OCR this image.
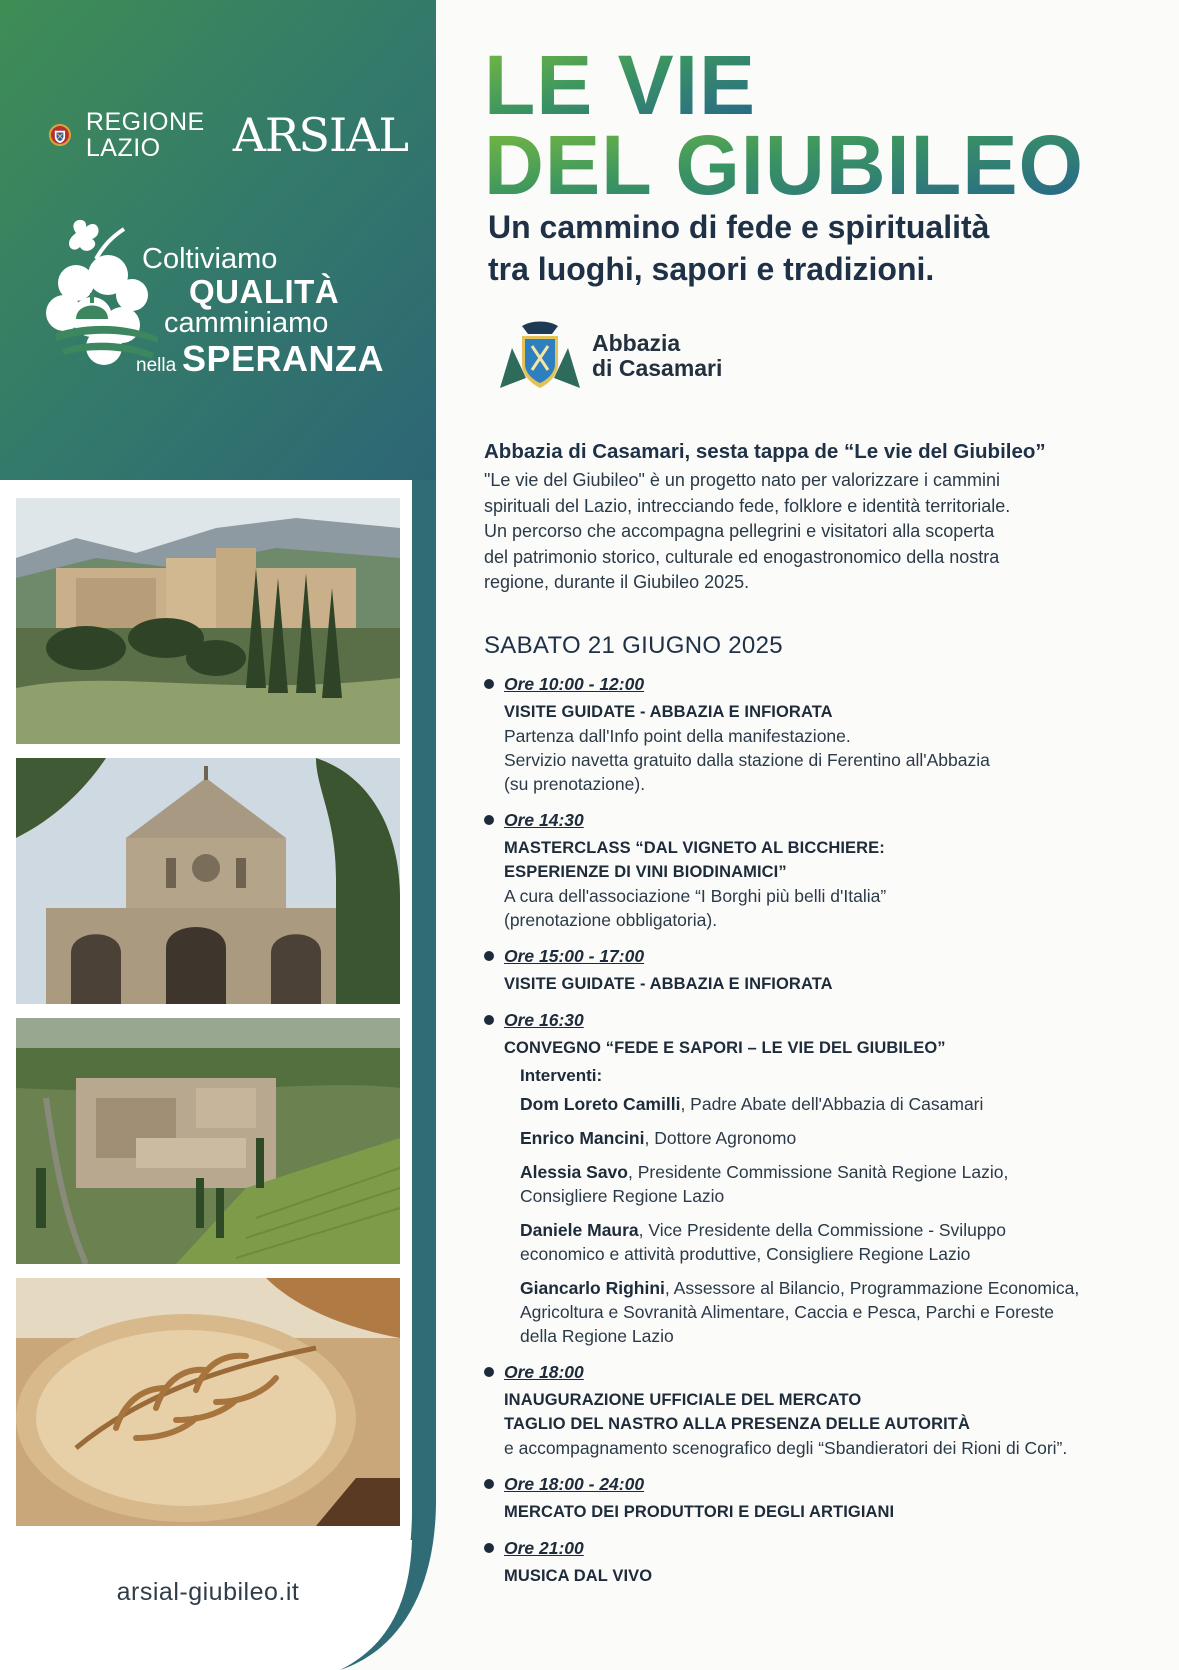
REGIONE
LAZIO	ARSIAL
Coltiviamo
QUALITÀ
camminiamo
nella SPERANZA
arsial-giubileo.it
LE VIE
DEL GIUBILEO
Un cammino di fede e spiritualità
tra luoghi, sapori e tradizioni.
Abbazia
di Casamari
Abbazia di Casamari, sesta tappa de “Le vie del Giubileo”
"Le vie del Giubileo" è un progetto nato per valorizzare i cammini
spirituali del Lazio, intrecciando fede, folklore e identità territoriale.
Un percorso che accompagna pellegrini e visitatori alla scoperta
del patrimonio storico, culturale ed enogastronomico della nostra
regione, durante il Giubileo 2025.
SABATO 21 GIUGNO 2025
Ore 10:00 - 12:00
VISITE GUIDATE - ABBAZIA E INFIORATA
Partenza dall'Info point della manifestazione.
Servizio navetta gratuito dalla stazione di Ferentino all'Abbazia
(su prenotazione).
Ore 14:30
MASTERCLASS “DAL VIGNETO AL BICCHIERE:
ESPERIENZE DI VINI BIODINAMICI”
A cura dell'associazione “I Borghi più belli d'Italia”
(prenotazione obbligatoria).
Ore 15:00 - 17:00
VISITE GUIDATE - ABBAZIA E INFIORATA
Ore 16:30
CONVEGNO “FEDE E SAPORI – LE VIE DEL GIUBILEO”
Interventi:
Dom Loreto Camilli, Padre Abate dell'Abbazia di Casamari
Enrico Mancini, Dottore Agronomo
Alessia Savo, Presidente Commissione Sanità Regione Lazio,
Consigliere Regione Lazio
Daniele Maura, Vice Presidente della Commissione - Sviluppo
economico e attività produttive, Consigliere Regione Lazio
Giancarlo Righini, Assessore al Bilancio, Programmazione Economica,
Agricoltura e Sovranità Alimentare, Caccia e Pesca, Parchi e Foreste
della Regione Lazio
Ore 18:00
INAUGURAZIONE UFFICIALE DEL MERCATO
TAGLIO DEL NASTRO ALLA PRESENZA DELLE AUTORITÀ
e accompagnamento scenografico degli “Sbandieratori dei Rioni di Cori”.
Ore 18:00 - 24:00
MERCATO DEI PRODUTTORI E DEGLI ARTIGIANI
Ore 21:00
MUSICA DAL VIVO
